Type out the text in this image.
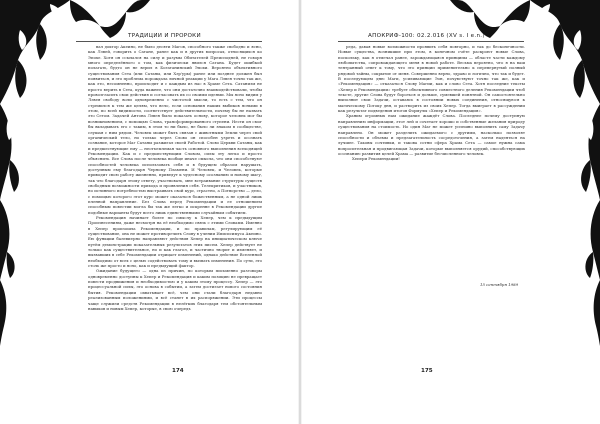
ТРАДИЦИИ И ПРОРОКИ

вал доктор Акеино, не было десяти Магов, способного также свободно и ясно, как Лэвей, говорить о Сатане, ранее как и в других вопросах, относящихся ко Эпохе. Хотя он ссылался на силу и разумы Обитателей Преисподней, не говоря много определённого о том, как физически явился Сатана. Будет ошибкой полагать, будто он не верил в Богатанинский Эпохи. Вероятно объективного существования Сета (или Сатаны, или Хэр'уры) ранее или позднее должен был появиться, и это проблема порождала личной реакции у Мага Лэвея точно так же, как это, несомненно, происходит и с каждым из нас в Храме Сета. Сатанизм не просто верить в Сета, куда важнее, что они достаточно взаимодействовали, чтобы провозгласить свои действия и согласовать их со своими идеями. Мы ясно видим у Лэвея свободу воли одновременно с чистотой мысли, то есть с тем, что он стремился к тем же целям, что вело, если основания наших выбиков ясными в этом, по всей видимости, соответствует действительности, почему бы не назвать это Сетом. Задачей Антона Лэвея было показать основу, которое человек мог бы возникновением, с помощью Слова, трансформированного ступени. Нести он смог бы вкладывать его с таким, в этом то ни было, не было ли знаком в сообществе, слушая с ним рядом. Человек может быть связан с животными Земли через свой органический тело, но только через Слово он способен узреть и осознать сознание, которое Маг Сатаны разжигал своей Работой. Слово Церкви Сатаны, как и предшествующие ему — неотъемлемая часть основного выполнения всеходящей Рекомендации. Как и с предшествующим Словом, силы эту легко и просто объяснить. Все Слова после человека вообще иначе смысла, что они способствуют способностей человека использовать себя и в будущем образом нарушать, доступным ему благодаря Черному Пламени. И Человек, и Человек, которые приводит свою работу жизненно, приведут к чудесному осознанию и новому шагу, так что благодаря этому ответу, участвовать, мне встраивание структуры существ свободным возможности прихода и проявления себя. Телекритиков, и участников, но истинного потребностью выстраивать свой курс, страстно, а Потворство — дело, с помощью которого этот курс может оказаться божественным, а не одной лишь пленной направление. Без Слова перед Рекомендации и ее отношением способным повестии могла бы так же легко и искренне в Рекомендации другие подобные варианты будут всего лишь единственными случайным событием.

Рекомендация начинает более по смыслу к Хепер, чем к предыдущим Произнесениям, даже несмотря на её необходимо связь с этими Словами. Именно в Хепер произошла Рекомендации, и по правилам, регулирующим её существование, она не может противоречить Слову в учении Иписисимуса Акеино. Ею функции балевиерно направляют действия Хепер на инициатическом ключе путём демонстрации показательных результатов этих писем. Хепер действует не только как существительное, но и как глагол, и частично творит и изменяет, и вызвавших в себе Рекомендации отрицает изменений, однако действие Вселенной необходимо от всех с целью содействовать тому и вызвать изменения. По сути, это столь же просто и ясно, как и предыдущий фактор.

Ожидание будущего — одна из причин, по которым письменно разговоры одновременно доступны к Хепер и Рекомендация и каким позицию не превращает повести продвижения и необходимостью и у каким этому процессу. Хепер — это процессуальной силы, это основа в событии, а затем достигает нового состояния бытия. Рекомендации охватывает всё, чем они стали благодаря недавно реализованным положениями, и всё станет в их распоряжении. Эти процессы чаще служили средств Рекомендации в нелёгких благодаря тем обстоятельным навыков и новым Хепер, которые, в свою очередь

174
АПОКРИФ-100: 02.2.016 (XV s. I e.n.)

реда, давая новые возможности проявить себя повторно, и так до бесконечности. Новые существа, возникшие при этом, в конечном счёте раскроют новые Слова, поскольку, как я отмечал ранее, зарождающаяся принципы — областе части каждому любопытства, сопровождающего меня в новой работе. Весьма вероятно, что я на ваш тентранный ответ к тому, что это принцип применительно к перевернутый полный рядовой тайны, сокрытие от меня. Совершенно верно, здраво и логично, что так и будет. В последующем дню Маги, усиливающие Эон, почувствуют точно так же, как и «Рекомендация» — отказаться Слову Магии, как и слово Сета. Хотя последние тексты «Хепер и Рекомендации» требует объективного совместного деления Рекомендации чтоб тексте, другие Слова будут бороться и дольше, сумевшей понятной. Он самостоятельно выполнит свои Задачи, оставаясь в состоянии новых соединения, относящуюся к магическому Потоку дня, и растворить из своих Хепер. Тогда выиграет в рассуждении как результат подведения итогов Формулы «Хепер и Рекомендация».

Храним огромных нам ожидание жаждёт Слова. Последнее почему доступную направлению информации, этот лей и сочетает хорошо и собственные желания природу существования на стоимость. Но один Маг не может успешно выполнить саму Задачу направлено. Он может разделить ожидаемого с другими, насколько позволят способности и объемы и предлагательность сосредоточения, а затем надеяться на лучшее. Таковы сочтивки, и такова сотни сфера Храма Сета — самое нужна сама вопросительная и продвигающая Задачи, которые выполняется орудий, способствующих осознанию развития целей Храма — развитие бесчисленного человек.

Хепери Рекомендации!

15 сентября 1989
175
